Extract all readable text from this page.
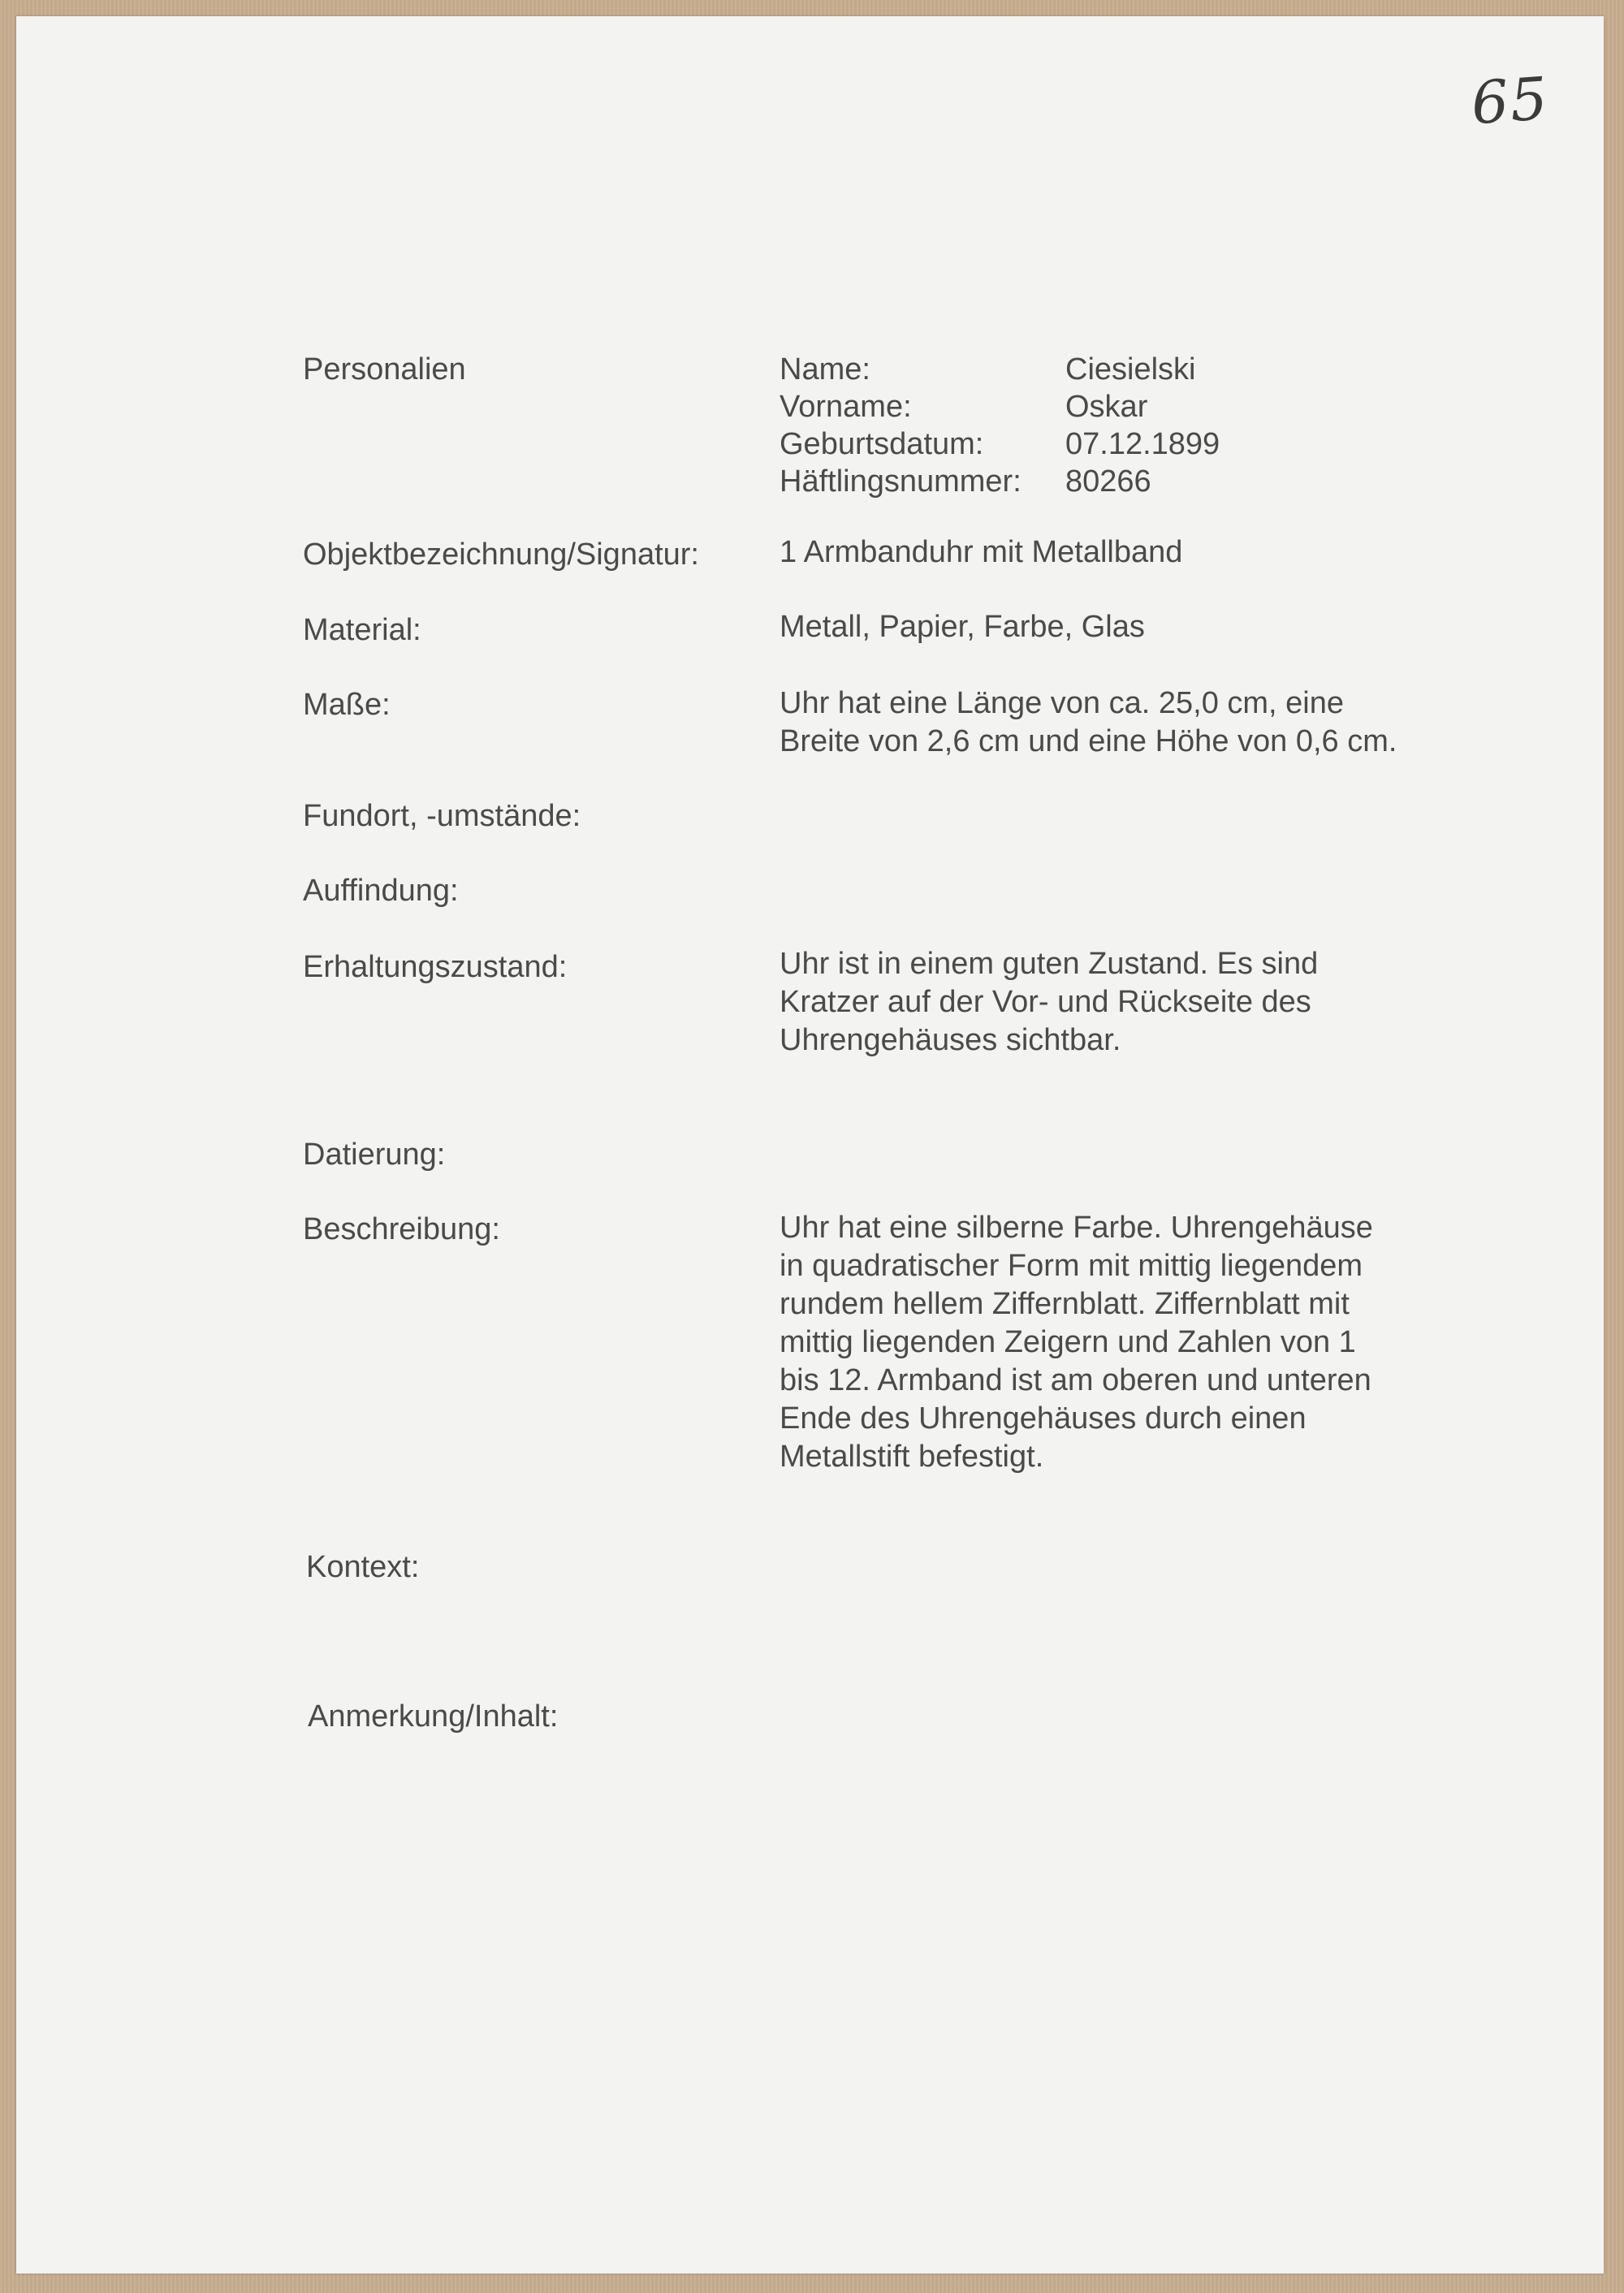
65
Personalien	Name:	Ciesielski
Vorname:	Oskar
Geburtsdatum:	07.12.1899
Häftlingsnummer: 80266
Objektbezeichnung/Signatur:	1 Armbanduhr mit Metallband
Material:	Metall, Papier, Farbe, Glas
Maße:	Uhr hat eine Länge von ca. 25,0 cm, eine
Breite von 2,6 cm und eine Höhe von 0,6 cm.
Fundort, -umstände:
Auffindung:
Erhaltungszustand:	Uhr ist in einem guten Zustand. Es sind
Kratzer auf der Vor- und Rückseite des
Uhrengehäuses sichtbar.
Datierung:
Beschreibung:	Uhr hat eine silberne Farbe. Uhrengehäuse
in quadratischer Form mit mittig liegendem
rundem hellem Ziffernblatt. Ziffernblatt mit
mittig liegenden Zeigern und Zahlen von 1
bis 12. Armband ist am oberen und unteren
Ende des Uhrengehäuses durch einen
Metallstift befestigt.
Kontext:
Anmerkung/Inhalt:
